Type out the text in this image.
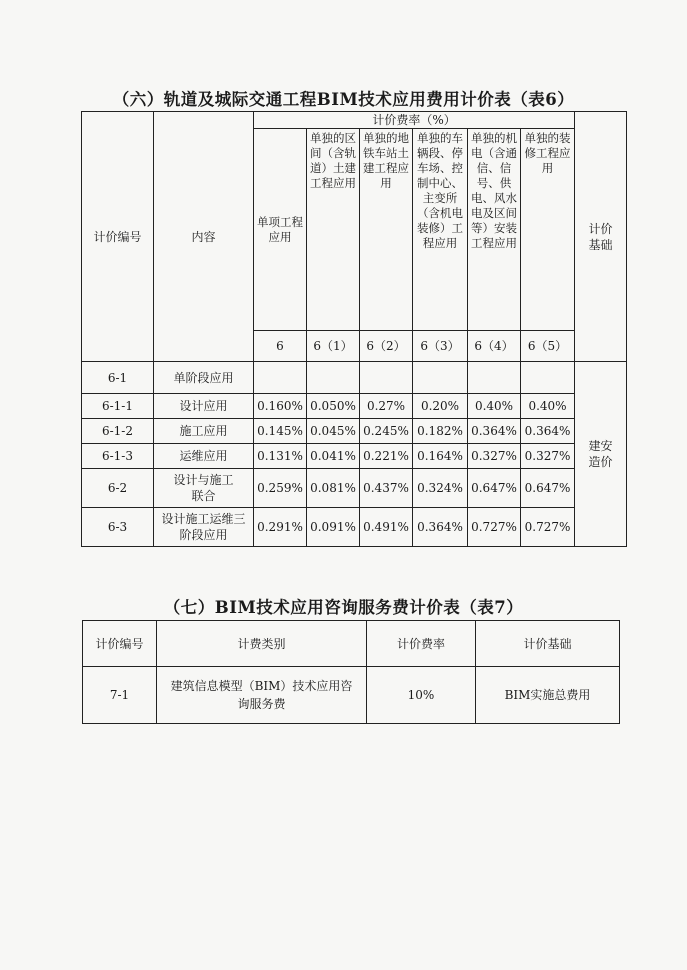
（六）轨道及城际交通工程BIM技术应用费用计价表（表6）
计价编号	内容	计价费率（%）						计价基础
		单项工程应用	单独的区间（含轨道）土建工程应用	单独的地铁车站土建工程应用	单独的车辆段、停车场、控制中心、主变所（含机电装修）工程应用	单独的机电（含通信、信号、供电、风水电及区间等）安装工程应用	单独的装修工程应用	
		6	6（1）	6（2）	6（3）	6（4）	6（5）	
6-1	单阶段应用							建安造价
6-1-1	设计应用	0.160%	0.050%	0.27%	0.20%	0.40%	0.40%	
6-1-2	施工应用	0.145%	0.045%	0.245%	0.182%	0.364%	0.364%	
6-1-3	运维应用	0.131%	0.041%	0.221%	0.164%	0.327%	0.327%	
6-2	设计与施工联合	0.259%	0.081%	0.437%	0.324%	0.647%	0.647%	
6-3	设计施工运维三阶段应用	0.291%	0.091%	0.491%	0.364%	0.727%	0.727%	
（七）BIM技术应用咨询服务费计价表（表7）
计价编号	计费类别	计价费率	计价基础
7-1	建筑信息模型（BIM）技术应用咨询服务费	10%	BIM实施总费用
